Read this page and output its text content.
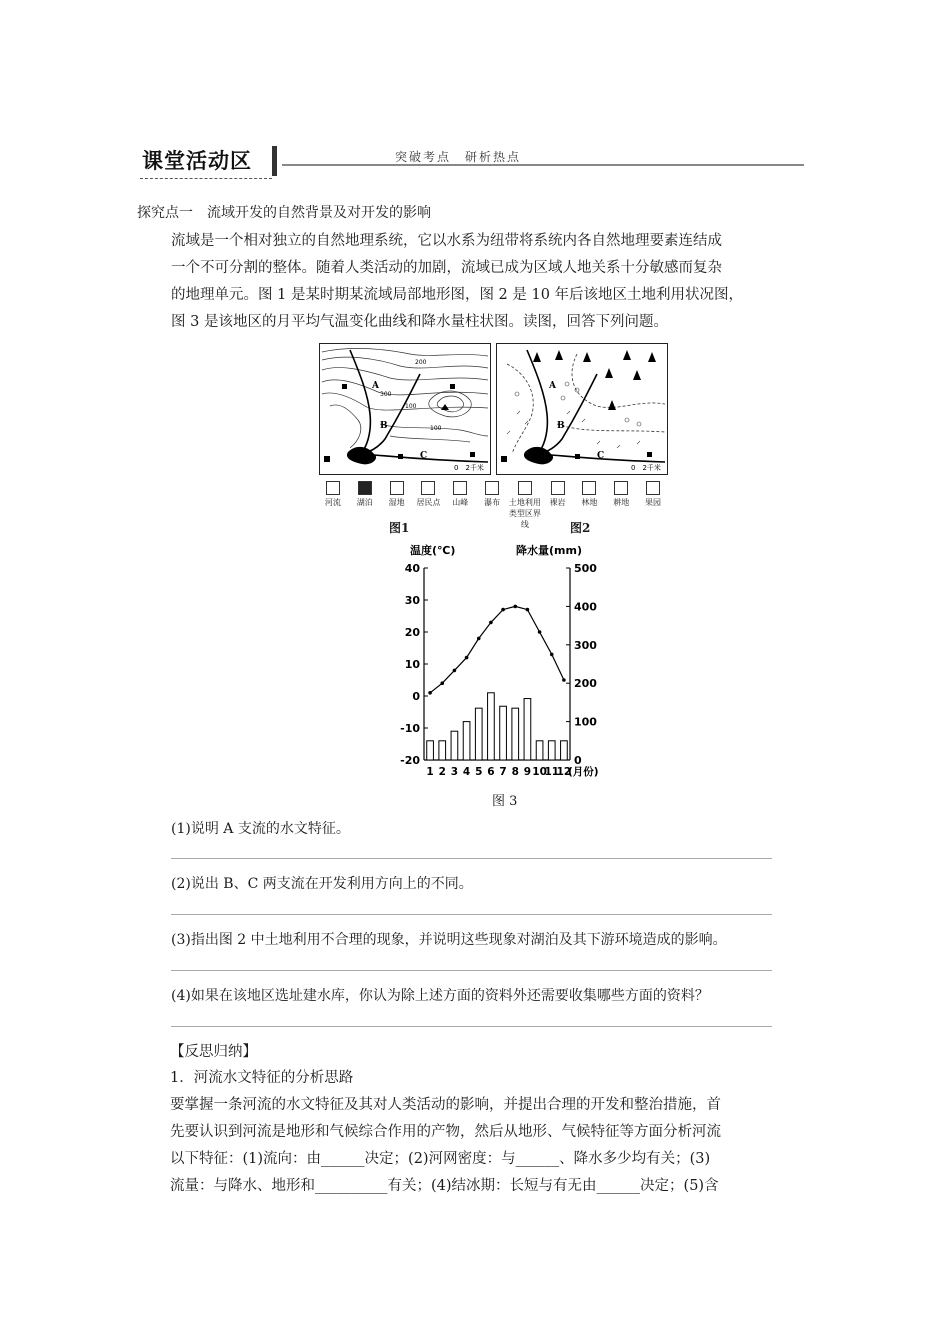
课堂活动区	突破考点　研析热点
探究点一　流域开发的自然背景及对开发的影响
流域是一个相对独立的自然地理系统，它以水系为纽带将系统内各自然地理要素连结成
一个不可分割的整体。随着人类活动的加剧，流域已成为区域人地关系十分敏感而复杂
的地理单元。图 1 是某时期某流域局部地形图，图 2 是 10 年后该地区土地利用状况图，
图 3 是该地区的月平均气温变化曲线和降水量柱状图。读图，回答下列问题。
100
200
300
100
A
B
C
0　2千米
A
B
C
0　2千米
河流	湖泊	湿地	居民点	山峰	瀑布	土地利用类型区界线
裸岩	林地	耕地	果园
图1	图2
温度(℃)	降水量(mm)
40
30
20
10
0
-10
-20
500
400
300
200
100
0
1 2 3 4 5 6 7 8 9 10
11
12
(月份)
图 3
(1)说明 A 支流的水文特征。
(2)说出 B、C 两支流在开发利用方向上的不同。
(3)指出图 2 中土地利用不合理的现象，并说明这些现象对湖泊及其下游环境造成的影响。
(4)如果在该地区选址建水库，你认为除上述方面的资料外还需要收集哪些方面的资料？
【反思归纳】
1．河流水文特征的分析思路
要掌握一条河流的水文特征及其对人类活动的影响，并提出合理的开发和整治措施，首
先要认识到河流是地形和气候综合作用的产物，然后从地形、气候特征等方面分析河流
以下特征：(1)流向：由______决定；(2)河网密度：与______、降水多少均有关；(3)
流量：与降水、地形和__________有关；(4)结冰期：长短与有无由______决定；(5)含
